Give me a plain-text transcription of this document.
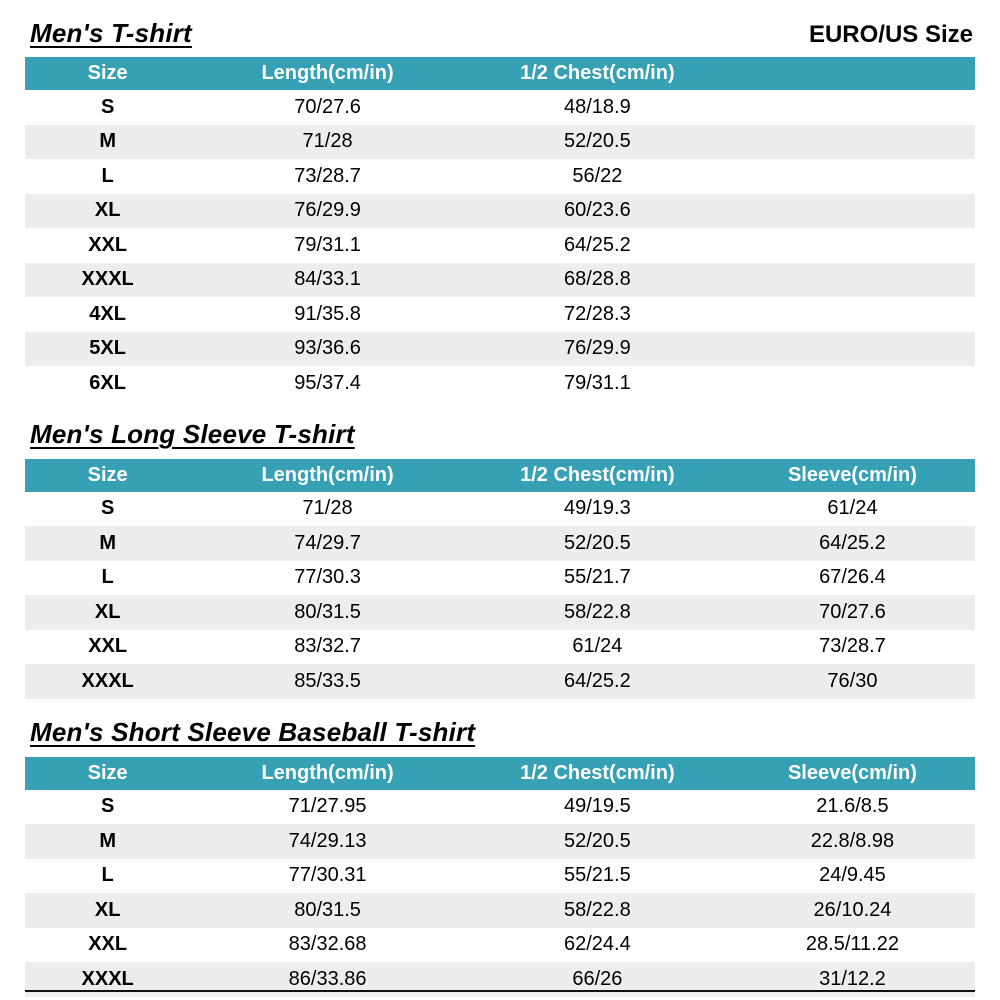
Men's T-shirt	EURO/US Size
Size	Length(cm/in)	1/2 Chest(cm/in)	
S	70/27.6	48/18.9	
M	71/28	52/20.5	
L	73/28.7	56/22	
XL	76/29.9	60/23.6	
XXL	79/31.1	64/25.2	
XXXL	84/33.1	68/28.8	
4XL	91/35.8	72/28.3	
5XL	93/36.6	76/29.9	
6XL	95/37.4	79/31.1	
Men's Long Sleeve T-shirt
Size	Length(cm/in)	1/2 Chest(cm/in)	Sleeve(cm/in)
S	71/28	49/19.3	61/24
M	74/29.7	52/20.5	64/25.2
L	77/30.3	55/21.7	67/26.4
XL	80/31.5	58/22.8	70/27.6
XXL	83/32.7	61/24	73/28.7
XXXL	85/33.5	64/25.2	76/30
Men's Short Sleeve Baseball T-shirt
Size	Length(cm/in)	1/2 Chest(cm/in)	Sleeve(cm/in)
S	71/27.95	49/19.5	21.6/8.5
M	74/29.13	52/20.5	22.8/8.98
L	77/30.31	55/21.5	24/9.45
XL	80/31.5	58/22.8	26/10.24
XXL	83/32.68	62/24.4	28.5/11.22
XXXL	86/33.86	66/26	31/12.2
